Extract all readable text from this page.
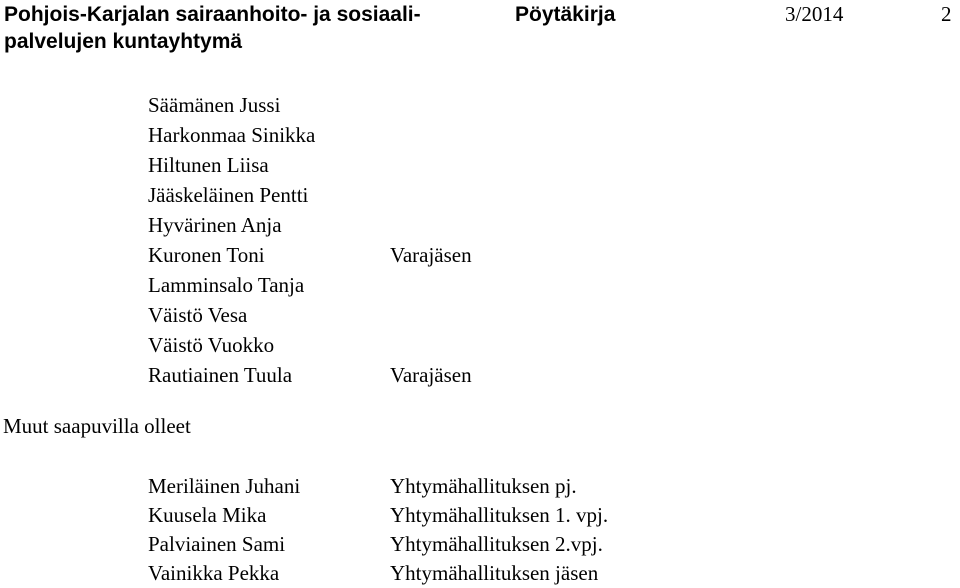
Pohjois-Karjalan sairaanhoito- ja sosiaali-
palvelujen kuntayhtymä
Pöytäkirja	3/2014	2
Säämänen Jussi
Harkonmaa Sinikka
Hiltunen Liisa
Jääskeläinen Pentti
Hyvärinen Anja
Kuronen Toni	Varajäsen
Lamminsalo Tanja
Väistö Vesa
Väistö Vuokko
Rautiainen Tuula	Varajäsen
Muut saapuvilla olleet
Meriläinen Juhani	Yhtymähallituksen pj.
Kuusela Mika	Yhtymähallituksen 1. vpj.
Palviainen Sami	Yhtymähallituksen 2.vpj.
Vainikka Pekka	Yhtymähallituksen jäsen
